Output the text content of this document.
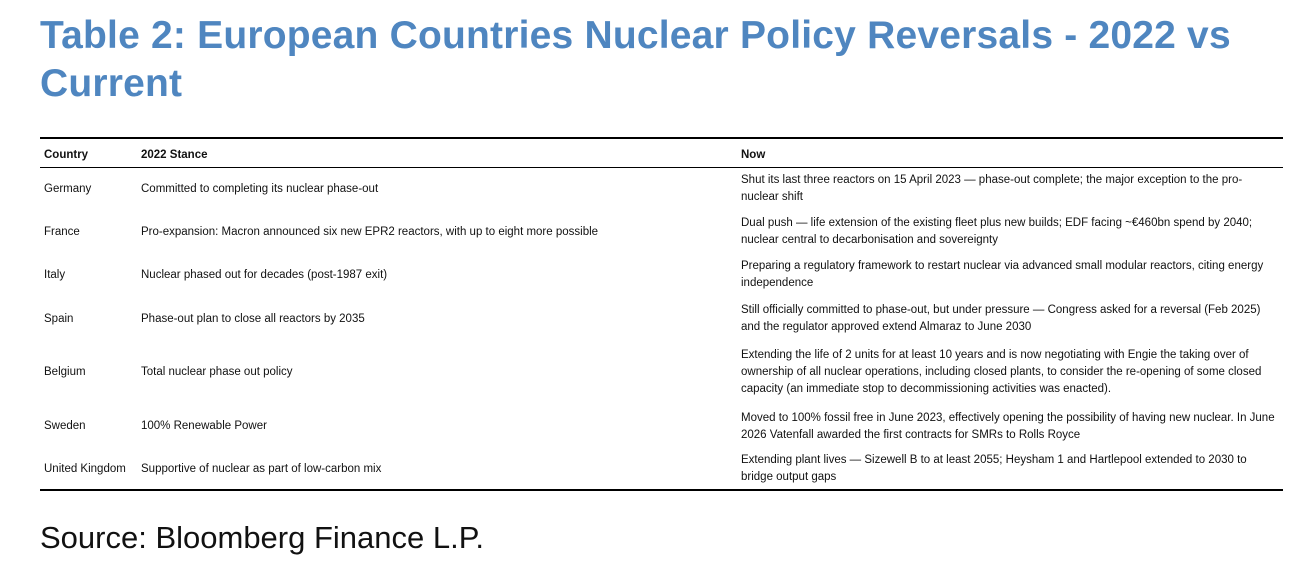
Table 2: European Countries Nuclear Policy Reversals - 2022 vs Current
Country	2022 Stance	Now
Germany	Committed to completing its nuclear phase-out	Shut its last three reactors on 15 April 2023 — phase-out complete; the major exception to the pro-nuclear shift
France	Pro-expansion: Macron announced six new EPR2 reactors, with up to eight more possible	Dual push — life extension of the existing fleet plus new builds; EDF facing ~€460bn spend by 2040; nuclear central to decarbonisation and sovereignty
Italy	Nuclear phased out for decades (post-1987 exit)	Preparing a regulatory framework to restart nuclear via advanced small modular reactors, citing energy independence
Spain	Phase-out plan to close all reactors by 2035	Still officially committed to phase-out, but under pressure — Congress asked for a reversal (Feb 2025) and the regulator approved extend Almaraz to June 2030
Belgium	Total nuclear phase out policy	Extending the life of 2 units for at least 10 years and is now negotiating with Engie the taking over of ownership of all nuclear operations, including closed plants, to consider the re-opening of some closed capacity (an immediate stop to decommissioning activities was enacted).
Sweden	100% Renewable Power	Moved to 100% fossil free in June 2023, effectively opening the possibility of having new nuclear. In June 2026 Vatenfall awarded the first contracts for SMRs to Rolls Royce
United Kingdom	Supportive of nuclear as part of low-carbon mix	Extending plant lives — Sizewell B to at least 2055; Heysham 1 and Hartlepool extended to 2030 to bridge output gaps

Source: Bloomberg Finance L.P.
